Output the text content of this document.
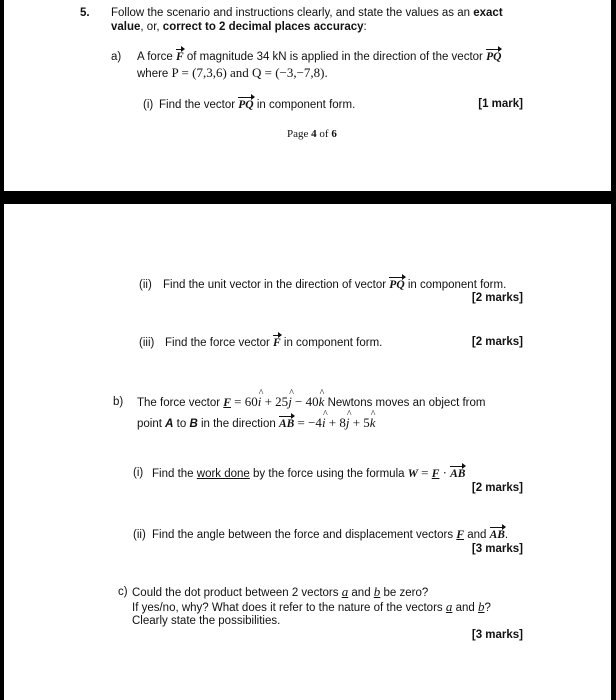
5. Follow the scenario and instructions clearly, and state the values as an exact
value, or, correct to 2 decimal places accuracy:
a) A force F of magnitude 34 kN is applied in the direction of the vector PQ
where P = (7,3,6) and Q = (−3,−7,8).
(i) Find the vector PQ in component form.	[1 mark]
Page 4 of 6
(ii) Find the unit vector in the direction of vector PQ in component form.
[2 marks]
(iii) Find the force vector F in component form.	[2 marks]
b) The force vector F = 60^ i + 25^ j − 40^ k Newtons moves an object from
point A to B in the direction AB = −4^ i + 8^ j + 5^ k
(i) Find the work done by the force using the formula W = F · AB
[2 marks]
(ii) Find the angle between the force and displacement vectors F and AB.
[3 marks]
c) Could the dot product between 2 vectors a and b be zero?
If yes/no, why? What does it refer to the nature of the vectors a and b?
Clearly state the possibilities.
[3 marks]
